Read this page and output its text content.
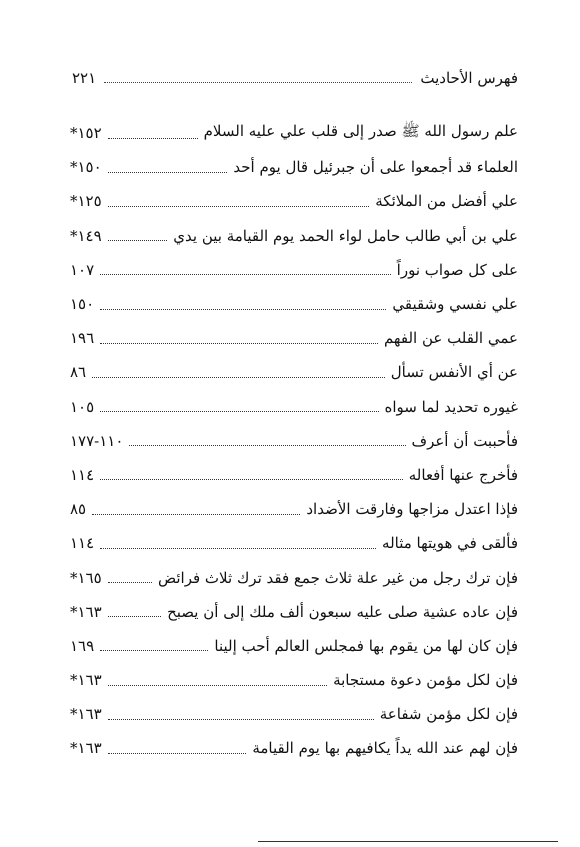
فهرس الأحاديث
٢٢١
علم رسول الله ﷺ صدر إلى قلب علي عليه السلام
١٥٢*
العلماء قد أجمعوا على أن جبرئيل قال يوم أحد
١٥٠*
علي أفضل من الملائكة
١٢٥*
علي بن أبي طالب حامل لواء الحمد يوم القيامة بين يدي
١٤٩*
على كل صواب نوراً
١٠٧
علي نفسي وشقيقي
١٥٠
عمي القلب عن الفهم
١٩٦
عن أي الأنفس تسأل
٨٦
غيوره تحديد لما سواه
١٠٥
فأحببت أن أعرف
١١٠-١٧٧
فأخرج عنها أفعاله
١١٤
فإذا اعتدل مزاجها وفارقت الأضداد
٨٥
فألقى في هويتها مثاله
١١٤
فإن ترك رجل من غير علة ثلاث جمع فقد ترك ثلاث فرائض
١٦٥*
فإن عاده عشية صلى عليه سبعون ألف ملك إلى أن يصبح
١٦٣*
فإن كان لها من يقوم بها فمجلس العالم أحب إلينا
١٦٩
فإن لكل مؤمن دعوة مستجابة
١٦٣*
فإن لكل مؤمن شفاعة
١٦٣*
فإن لهم عند الله يداً يكافيهم بها يوم القيامة
١٦٣*
